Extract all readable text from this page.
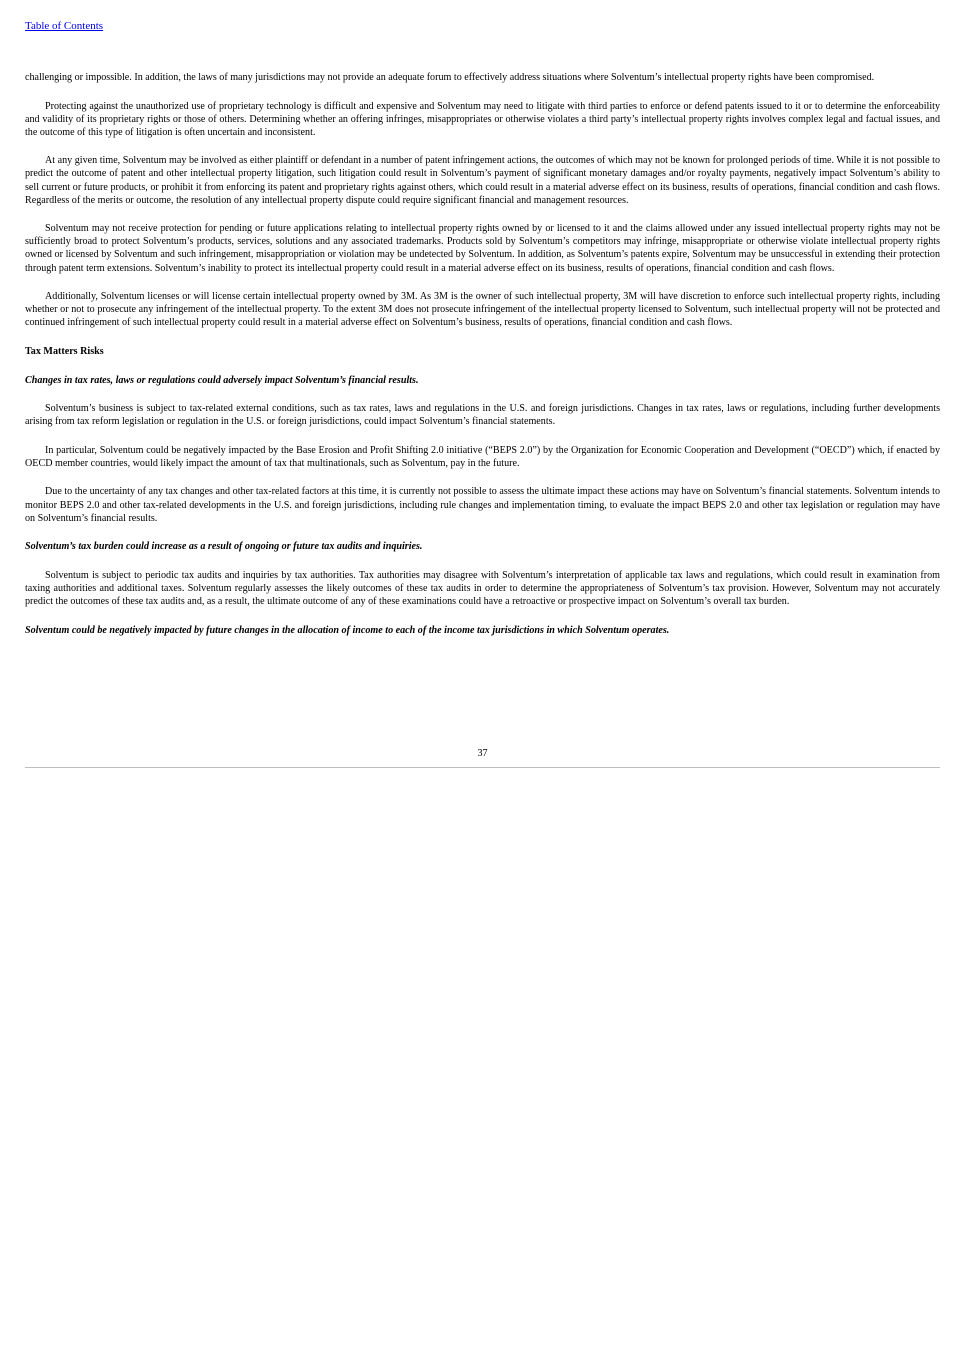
Table of Contents

challenging or impossible. In addition, the laws of many jurisdictions may not provide an adequate forum to effectively address situations where Solventum’s intellectual property rights have been compromised.

Protecting against the unauthorized use of proprietary technology is difficult and expensive and Solventum may need to litigate with third parties to enforce or defend patents issued to it or to determine the enforceability and validity of its proprietary rights or those of others. Determining whether an offering infringes, misappropriates or otherwise violates a third party’s intellectual property rights involves complex legal and factual issues, and the outcome of this type of litigation is often uncertain and inconsistent.

At any given time, Solventum may be involved as either plaintiff or defendant in a number of patent infringement actions, the outcomes of which may not be known for prolonged periods of time. While it is not possible to predict the outcome of patent and other intellectual property litigation, such litigation could result in Solventum’s payment of significant monetary damages and/or royalty payments, negatively impact Solventum’s ability to sell current or future products, or prohibit it from enforcing its patent and proprietary rights against others, which could result in a material adverse effect on its business, results of operations, financial condition and cash flows. Regardless of the merits or outcome, the resolution of any intellectual property dispute could require significant financial and management resources.

Solventum may not receive protection for pending or future applications relating to intellectual property rights owned by or licensed to it and the claims allowed under any issued intellectual property rights may not be sufficiently broad to protect Solventum’s products, services, solutions and any associated trademarks. Products sold by Solventum’s competitors may infringe, misappropriate or otherwise violate intellectual property rights owned or licensed by Solventum and such infringement, misappropriation or violation may be undetected by Solventum. In addition, as Solventum’s patents expire, Solventum may be unsuccessful in extending their protection through patent term extensions. Solventum’s inability to protect its intellectual property could result in a material adverse effect on its business, results of operations, financial condition and cash flows.

Additionally, Solventum licenses or will license certain intellectual property owned by 3M. As 3M is the owner of such intellectual property, 3M will have discretion to enforce such intellectual property rights, including whether or not to prosecute any infringement of the intellectual property. To the extent 3M does not prosecute infringement of the intellectual property licensed to Solventum, such intellectual property will not be protected and continued infringement of such intellectual property could result in a material adverse effect on Solventum’s business, results of operations, financial condition and cash flows.

Tax Matters Risks
Changes in tax rates, laws or regulations could adversely impact Solventum’s financial results.

Solventum’s business is subject to tax-related external conditions, such as tax rates, laws and regulations in the U.S. and foreign jurisdictions. Changes in tax rates, laws or regulations, including further developments arising from tax reform legislation or regulation in the U.S. or foreign jurisdictions, could impact Solventum’s financial statements.

In particular, Solventum could be negatively impacted by the Base Erosion and Profit Shifting 2.0 initiative (“BEPS 2.0”) by the Organization for Economic Cooperation and Development (“OECD”) which, if enacted by OECD member countries, would likely impact the amount of tax that multinationals, such as Solventum, pay in the future.

Due to the uncertainty of any tax changes and other tax-related factors at this time, it is currently not possible to assess the ultimate impact these actions may have on Solventum’s financial statements. Solventum intends to monitor BEPS 2.0 and other tax-related developments in the U.S. and foreign jurisdictions, including rule changes and implementation timing, to evaluate the impact BEPS 2.0 and other tax legislation or regulation may have on Solventum’s financial results.

Solventum’s tax burden could increase as a result of ongoing or future tax audits and inquiries.

Solventum is subject to periodic tax audits and inquiries by tax authorities. Tax authorities may disagree with Solventum’s interpretation of applicable tax laws and regulations, which could result in examination from taxing authorities and additional taxes. Solventum regularly assesses the likely outcomes of these tax audits in order to determine the appropriateness of Solventum’s tax provision. However, Solventum may not accurately predict the outcomes of these tax audits and, as a result, the ultimate outcome of any of these examinations could have a retroactive or prospective impact on Solventum’s overall tax burden.

Solventum could be negatively impacted by future changes in the allocation of income to each of the income tax jurisdictions in which Solventum operates.
37
